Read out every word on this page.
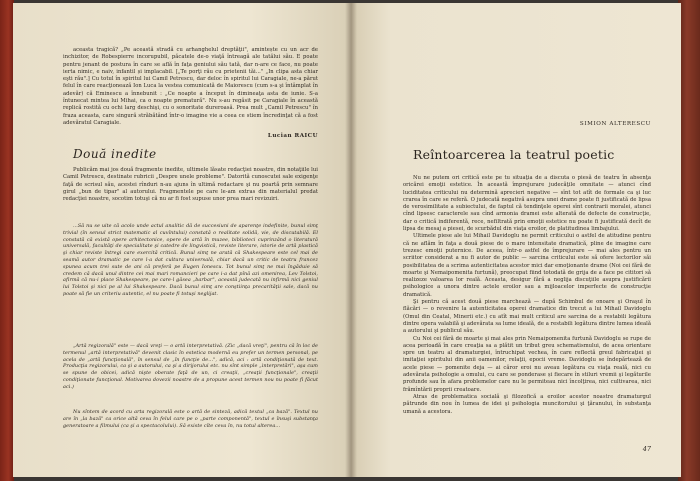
aceasta tragică? „Pe această stradă cu arhanghelul dreptăţii", amintește cu un acr de inchizitor, de Robespierre incorupubil, păcatele de-o viaţă întreagă ale tatălui său. E poate pentru jenant de postura în care se află în faţa geniului său tată, dar n-are ce face, nu poate iertа nimic, e naiv, infantil și implacabil. [„Te porţi rău cu prietenii tăi..." „In clipa asta chiar eşti rău".] Cu totul în spiritul lui Camil Petrescu, dar deloc în spiritul lui Caragiale, ne-a părut felul în care reacţionează Ion Luca la vestea comunicată de Maiorescu (cum s-a şi întâmplat în adevăr) că Eminescu a înnebunit : „Ce noapte a început în dimineaţa asta de iunie. S-a întunecat mintea lui Mihai, ca o noapte prematură". Nu s-au regăsit pe Caragiale în această replică rostită cu ochi larg deschişi, cu o sonoritate dureroasă. Prea mult „Camil Petrescu" în fraza aceasta, care singură străbătând într-o imagine vie a ceea ce stiem încredinţat că a fost adevăratul Caragiale.

Lucian RAICU
Două inedite

Publicăm mai jos două fragmente inedite, ultimele lăsate redacţiei noastre, din notaţiile lui Camil Petrescu, destinate rubricii „Despre unele probleme". Datorită cunoscutei sale exigenţe faţă de scrisul său, acestei rînduri n-au ajuns în ultimă redactare şi nu poartă prin semnare girul „bun de tipar" al autorului. Fragmentele pe care le-am extras din materialul predat redacţiei noastre, socotim totuşi că nu ar fi fost supuse unor prea mari revizuiri.

...Să nu se uite că acolo unde actul analitic dă de succesiuni de aparenţe indefinite, bunul simţ trivial (în sensul strict matematic al cuvîntului) constată o realitate solidă, vie, de discutabilă. El constată că există opere arhitectonice, opere de artă în muzee, biblioteci cuprinzând o literatură universală, facultăţi de specialitate şi catedre de lingvistică, reviste literare, istorie de artă plastică şi chiar reviste întregi care exercită critică. Bunul simţ ne arată că Shakespeare este cel mai de seamă autor dramatic pe care l-a dat cultura universală, chiar dacă un critic de teatru francez spunea acum trei sute de ani că preferă pe Eugen Ionescu. Tot bunul simţ ne mai îngăduie să credem că dacă unul dintre cei mai mari romancieri pe care i-a dat pînă azi omenirea, Lev Tolstoi, afirmă că nu-i place Shakespeare, pe care-l găsea „barbar", această judecată nu infirmă nici geniul lui Tolstoi şi nici pe al lui Shakespeare. Dacă bunul simţ are conştiinţa precarităţii sale, dacă nu poate să fie un criteriu autentic, el nu poate fi totuşi neglijat.

„Artă regizorală" este — dacă vreţi — o artă interpretativă. (Zic „dacă vreţi", pentru că în loc de termenul „artă interpretativă" devenit clasic în estetica modernă eu prefer un termen personal, pe acela de „artă funcţională", în sensul de „în funcţie de...", adică, aci : artă condiţionată de text. Producţia regizorului, ca şi a autorului, ca şi a dirijorului etc. nu sînt simple „interpretări", aşa cum se spune de obicei, adică nişte oberate faţă de un, ci creaţii, „creaţii funcţionale", creaţii condiţionate funcţional. Motivarea dovezii noastre de a propune acest termen nou nu poate fi făcut aci.)

Nu sîntem de acord cu arta regizorală este o artă de sinteză, adică textul „ca bază". Textul nu are în „la bază" ca orice altă ceva în felul care pe o „parte componentă", textul e însuşi substanţa generatoare a filmului (ca şi a spectacolului). Să existe cîte ceva în, nu totul alterea...

SIMION ALTERESCU
Reîntoarcerea la teatrul poetic

Nu ne putem ori critică este pe tu situaţia de a discuta o piesă de teatru în absenţa oricărei emoţii estetice. În această împrejurare judecăţile omnitate — atunci cînd luciditatea criticului nu determină aprecieri negative — sînt tot atît de formale ca şi luc crarea în care se referă. O judecată negativă asupra unei drame poate fi justificată de lipsa de verosimilitate a subiectului, de faptul că tendinţele operei sînt contrarii moralei, atunci cînd lipsesc caracterele sau cînd armonia dramei este alterată de defecte de construcţie, dar o critică indiferentă, rece, nefiltrată prin emoţii estetice nu poate fi justificată decît de lipsa de mesaj a piesei, de scurbădul din viaţa eroilor, de platitudinea limbajului.

Ultimele piese ale lui Mihail Davidoglu ne permit criticului o astfel de atitudine pentru că ne aflăm în faţa a două piese de o mare intensitate dramatică, pline de imagine care trezesc emoţii puternice. De aceea, într-o astfel de împrejurare — mai ales pentru un scriitor considerat a nu fi autor de public — sarcina criticului este să ofere lectorilor săi posibilitatea de a scrima autenticitatea acestor mici dar emoţionante drame (Noi cei fără de moarte şi Nemaipomenita furtună), preocupat fiind totodată de grija de a face pe cititori să realizeze valoarea lor reală. Aceasta, desigur fără a neglija discuţiile asupra justificării psihologice a unora dintre actele eroilor sau a mijloacelor imperfecte de construcţie dramatică.

Şi pentru că acest două piese marchează — după Schimbul de onoare şi Oraşul în flăcări — o revenire la autenticitatea operei dramatice din trecut a lui Mihail Davidoglu (Omul din Ceatal, Minerii etc.) cu atît mai mult criticul are sarcina de a restabili legătura dintre opera valabilă şi adevărata sa lume ideală, de a restabili legătura dintre lumea ideală a autorului şi publicul său.

Cu Noi cei fără de moarte şi mai ales prin Nemaipomenita furtună Davidoglu se rupe de acea perioadă în care creaţia sa a plătit un tribut greu schematismului, de acea orientare spre un teatru al dramaturgiei, întruchipat vechea, în care reflectă greul fabricaţiei şi imitaţiei spiritului din anii oamenilor, relaţii, epocii vreme. Davidoglu se îndepărtează de acele piese — pomenite deja — ai căror eroi nu aveau legătura cu viaţa reală, nici cu adevărata psihologie a omului, cu care se ponderase și fiecare în stiluri vremii şi legăturile profunde sau în afara problemelor care nu le permiteau nici încolţirea, nici cultivarea, nici frămîntării proprii creatoare.

Atras de problematica socială şi filozofică a eroilor acestor noastre dramaturgul pătrunde din nou în lumea de idei şi psihologia muncitorului şi ţăranului, în substanţa umană a acestora.

47
